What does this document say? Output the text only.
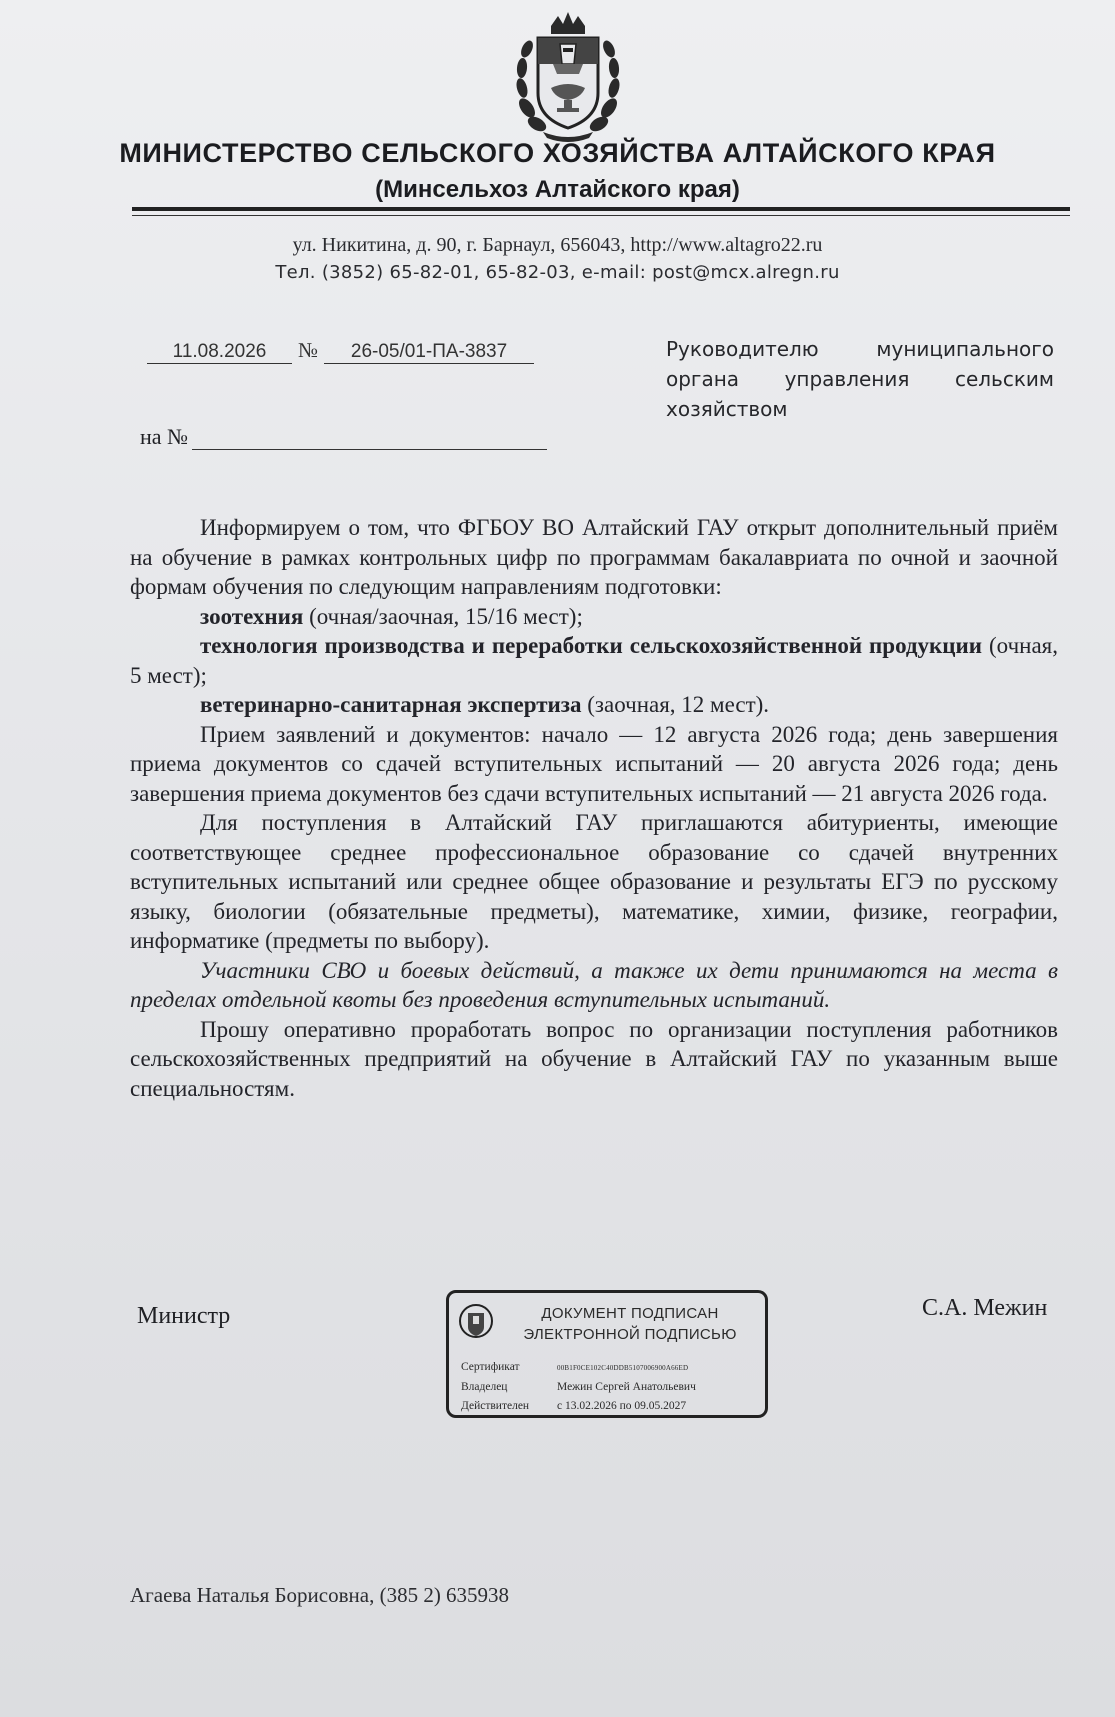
МИНИСТЕРСТВО СЕЛЬСКОГО ХОЗЯЙСТВА АЛТАЙСКОГО КРАЯ
(Минсельхоз Алтайского края)
ул. Никитина, д. 90, г. Барнаул, 656043, http://www.altagro22.ru
Тел. (3852) 65-82-01, 65-82-03, e-mail: post@mcx.alregn.ru
11.08.2026 № 26-05/01-ПА-3837
на №
Руководителю муниципального органа управления сельским хозяйством

Информируем о том, что ФГБОУ ВО Алтайский ГАУ открыт дополнительный приём на обучение в рамках контрольных цифр по программам бакалавриата по очной и заочной формам обучения по следующим направлениям подготовки:

зоотехния (очная/заочная, 15/16 мест);

технология производства и переработки сельскохозяйственной продукции (очная, 5 мест);

ветеринарно-санитарная экспертиза (заочная, 12 мест).

Прием заявлений и документов: начало — 12 августа 2026 года; день завершения приема документов со сдачей вступительных испытаний — 20 августа 2026 года; день завершения приема документов без сдачи вступительных испытаний — 21 августа 2026 года.

Для поступления в Алтайский ГАУ приглашаются абитуриенты, имеющие соответствующее среднее профессиональное образование со сдачей внутренних вступительных испытаний или среднее общее образование и результаты ЕГЭ по русскому языку, биологии (обязательные предметы), математике, химии, физике, географии, информатике (предметы по выбору).

Участники СВО и боевых действий, а также их дети принимаются на места в пределах отдельной квоты без проведения вступительных испытаний.

Прошу оперативно проработать вопрос по организации поступления работников сельскохозяйственных предприятий на обучение в Алтайский ГАУ по указанным выше специальностям.

Министр	ДОКУМЕНТ ПОДПИСАН
ЭЛЕКТРОННОЙ ПОДПИСЬЮ
Сертификат	00B1F0CE102C40DDB5107006900A66ED
Владелец	Межин Сергей Анатольевич
Действителен с 13.02.2026 по 09.05.2027
С.А. Межин
Агаева Наталья Борисовна, (385 2) 635938
